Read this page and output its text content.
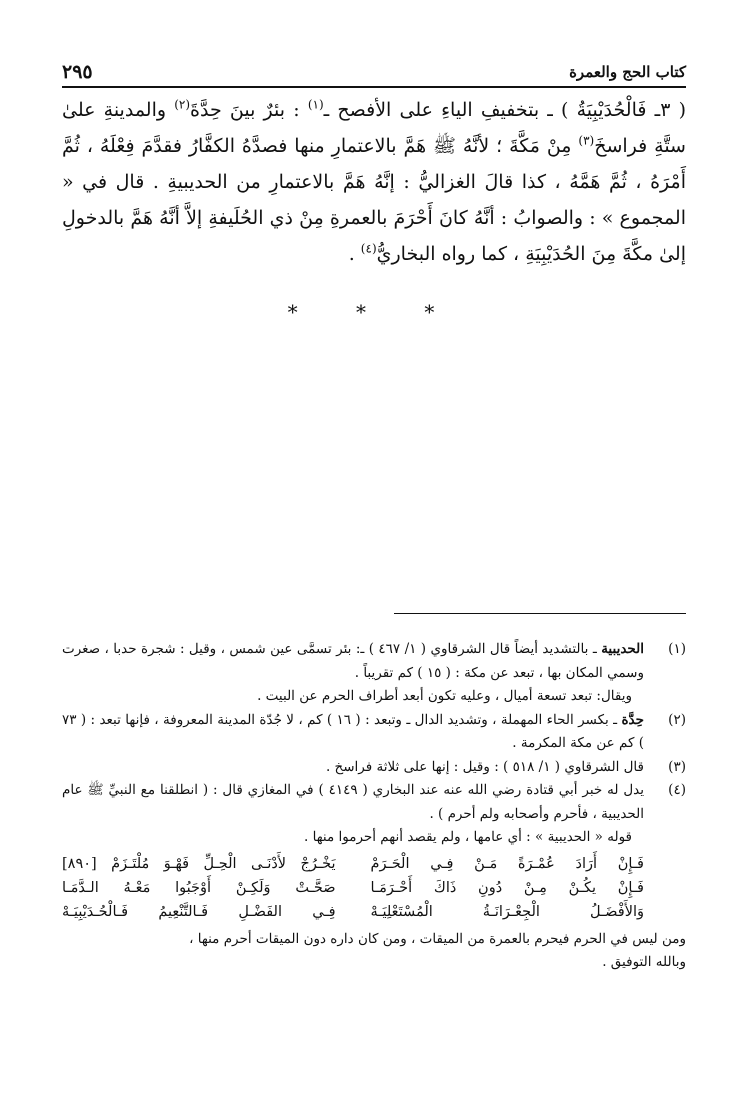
كتاب الحج والعمرة
٢٩٥

( ٣ـ فَالْحُدَيْبِيَةُ ) ـ بتخفيفِ الياءِ على الأفصح ـ$^{(١)}$ : بئرٌ بينَ حِدَّةَ$^{(٢)}$ والمدينةِ علىٰ ستَّةِ فراسخَ$^{(٣)}$ مِنْ مَكَّةَ ؛ لأنَّهُ ﷺ هَمَّ بالاعتمارِ منها فصدَّهُ الكفَّارُ فقدَّمَ فِعْلَهُ ، ثُمَّ أَمْرَهُ ، ثُمَّ هَمَّهُ ، كذا قالَ الغزاليُّ : إنَّهُ هَمَّ بالاعتمارِ من الحديبيةِ . قال في « المجموع » : والصوابُ : أنَّهُ كانَ أَحْرَمَ بالعمرةِ مِنْ ذي الحُلَيفةِ إلاَّ أنَّهُ هَمَّ بالدخولِ إلىٰ مكَّةَ مِنَ الحُدَيْبِيَةِ ، كما رواه البخاريُّ$^{(٤)}$ .

* * *
(١)

الحديبية ـ بالتشديد أيضاً قال الشرقاوي ( ١/ ٤٦٧ ) ـ: بئر تسمَّى عين شمس ، وقيل : شجرة حدبا ، صغرت وسمي المكان بها ، تبعد عن مكة : ( ١٥ ) كم تقريباً .

ويقال: تبعد تسعة أميال ، وعليه تكون أبعد أطراف الحرم عن البيت .

(٢)

حِدَّة ـ بكسر الحاء المهملة ، وتشديد الدال ـ وتبعد : ( ١٦ ) كم ، لا جُدّة المدينة المعروفة ، فإنها تبعد : ( ٧٣ ) كم عن مكة المكرمة .

(٣)

قال الشرقاوي ( ١/ ٥١٨ ) : وقيل : إنها على ثلاثة فراسخ .

(٤)

يدل له خبر أبي قتادة رضي الله عنه عند البخاري ( ٤١٤٩ ) في المغازي قال : ( انطلقنا مع النبيِّ ﷺ عام الحديبية ، فأحرم وأصحابه ولم أحرم ) .

قوله « الحديبية » : أي عامها ، ولم يقصد أنهم أحرموا منها .

فَـإِنْ أَرَادَ عُمْـرَةً مَـنْ فِـي الْحَـرَمْ
يَخْـرُجْ لأَدْنَـى الْحِـلِّ فَهْـوَ مُلْتَـزَمْ [٨٩٠]
فَـإِنْ يكُـنْ مِـنْ دُونِ ذَاكَ أَحْـرَمَـا
صَحَّـتْ وَلَكِـنْ أَوْجَبُوا مَعْـهُ الـدَّمَـا
وَالأَفْضَـلُ الْجِعْـرَانَـةُ الْمُسْتَعْلِيَـهْ
فِـي الفَضْـلِ فَـالتَّنْعِيمُ فَـالْحُـدَيْبِيَـهْ

ومن ليس في الحرم فيحرم بالعمرة من الميقات ، ومن كان داره دون الميقات أحرم منها ،

وبالله التوفيق .
